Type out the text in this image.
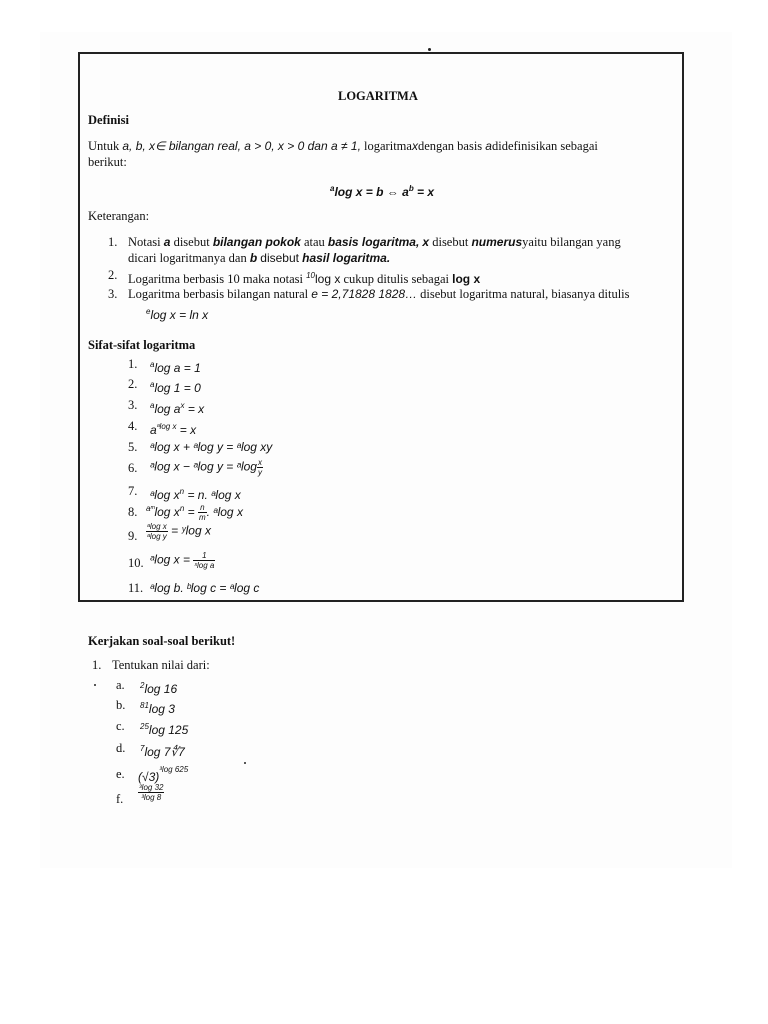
LOGARITMA
Definisi
Untuk a, b, x∈ bilangan real, a > 0, x > 0 dan a ≠ 1, logaritmaxdengan basis adidefinisikan sebagai
berikut:
$^a$log x = b ⇔ $a^b = x$
Keterangan:
1. Notasi a disebut bilangan pokok atau basis logaritma, x disebut numerusyaitu bilangan yang
dicari logaritmanya dan b disebut hasil logaritma.
2. Logaritma berbasis 10 maka notasi $^{10}$log x cukup ditulis sebagai log x
3. Logaritma berbasis bilangan natural e = 2,71828 1828… disebut logaritma natural, biasanya ditulis
$^e$log x = ln x
Sifat-sifat logaritma
1. $^a$log a = 1
2. $^a$log 1 = 0
3. $^a$log $a^x = x$
4. $a^{ᵃlog x} = x$
5. ᵃlog x + ᵃlog y = ᵃlog xy
6. ᵃlog x − ᵃlog y = ᵃlog $\frac{x}{y}$
7. ᵃlog $x^n = n$. ᵃlog x
8. $^{aᵐ}$log $x^n = \frac{n}{m}$ . ᵃlog x
9. $\frac{\text{ᵃlog x}}{\text{ᵃlog y}}$ = ʸlog x
10. ᵃlog $x = \frac{1}{\text{ˣlog a}}$
11. ᵃlog b. ᵇlog c = ᵃlog c
Kerjakan soal-soal berikut!
1. Tentukan nilai dari:
a. $^2$log 16
b. $^{81}$log 3
c. $^{25}$log 125
d. $^7$log 7∜7
e. $(√3)^{^3log 625}$
f. $\frac{\text{³log 32}}{\text{³log 8}}$
